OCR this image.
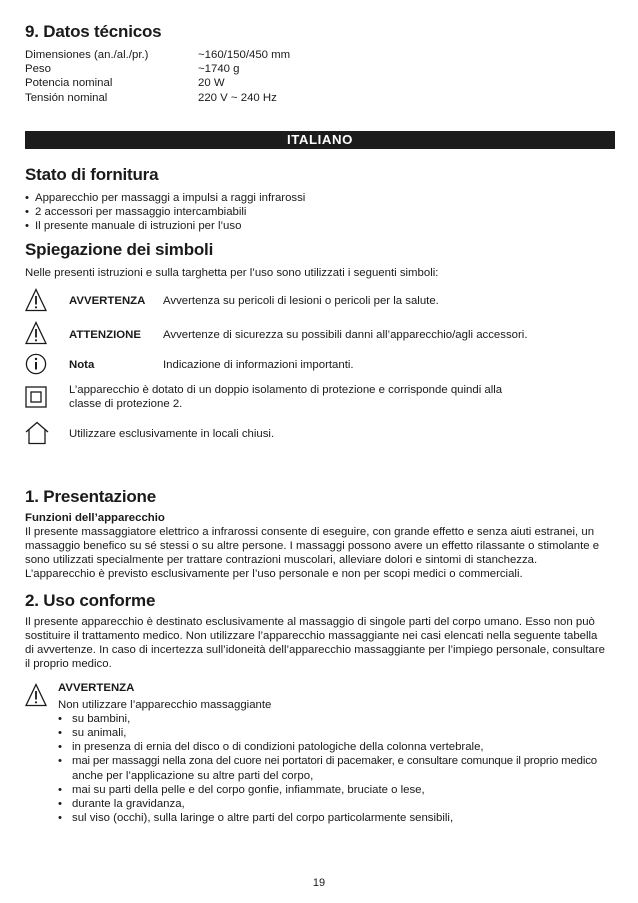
9. Datos técnicos
Dimensiones (an./al./pr.)	~160/150/450 mm
Peso	~1740 g
Potencia nominal	20 W
Tensión nominal	220 V ~ 240 Hz
ITALIANO
Stato di fornitura
• Apparecchio per massaggi a impulsi a raggi infrarossi
• 2 accessori per massaggio intercambiabili
• Il presente manuale di istruzioni per l’uso
Spiegazione dei simboli

Nelle presenti istruzioni e sulla targhetta per l’uso sono utilizzati i seguenti simboli:

AVVERTENZA	Avvertenza su pericoli di lesioni o pericoli per la salute.
ATTENZIONE	Avvertenze di sicurezza su possibili danni all’apparecchio/agli accessori.
Nota	Indicazione di informazioni importanti.
L’apparecchio è dotato di un doppio isolamento di protezione e corrisponde quindi alla
classe di protezione 2.
Utilizzare esclusivamente in locali chiusi.
1. Presentazione
Funzioni dell’apparecchio

Il presente massaggiatore elettrico a infrarossi consente di eseguire, con grande effetto e senza aiuti estranei, un

massaggio benefico su sé stessi o su altre persone. I massaggi possono avere un effetto rilassante o stimolante e

sono utilizzati specialmente per trattare contrazioni muscolari, alleviare dolori e sintomi di stanchezza.

L’apparecchio è previsto esclusivamente per l’uso personale e non per scopi medici o commerciali.

2. Uso conforme

Il presente apparecchio è destinato esclusivamente al massaggio di singole parti del corpo umano. Esso non può

sostituire il trattamento medico. Non utilizzare l’apparecchio massaggiante nei casi elencati nella seguente tabella

di avvertenze. In caso di incertezza sull’idoneità dell’apparecchio massaggiante per l’impiego personale, consultare

il proprio medico.

AVVERTENZA
Non utilizzare l’apparecchio massaggiante
• su bambini,
• su animali,
• in presenza di ernia del disco o di condizioni patologiche della colonna vertebrale,
• mai per massaggi nella zona del cuore nei portatori di pacemaker, e consultare comunque il proprio medico
anche per l’applicazione su altre parti del corpo,
• mai su parti della pelle e del corpo gonfie, infiammate, bruciate o lese,
• durante la gravidanza,
• sul viso (occhi), sulla laringe o altre parti del corpo particolarmente sensibili,
19
